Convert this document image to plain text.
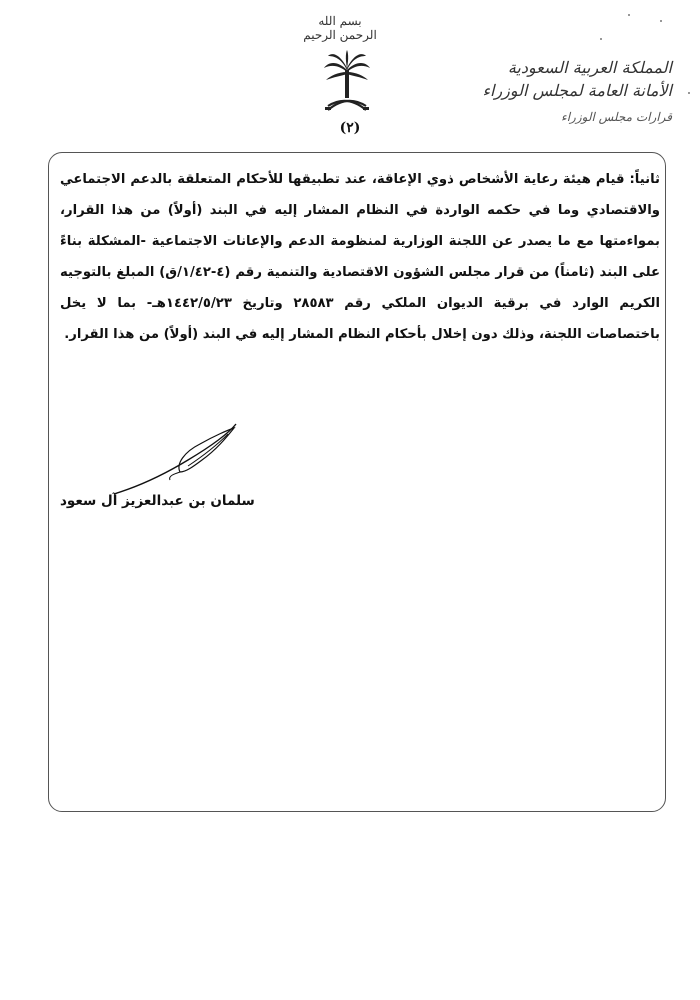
بسم الله الرحمن الرحيم
(٢)
المملكة العربية السعودية
الأمانة العامة لمجلس الوزراء
قرارات مجلس الوزراء
ثانياً: قيام هيئة رعاية الأشخاص ذوي الإعاقة، عند تطبيقها للأحكام المتعلقة بالدعم الاجتماعي والاقتصادي وما في حكمه الواردة في النظام المشار إليه في البند (أولاً) من هذا القرار، بمواءمتها مع ما يصدر عن اللجنة الوزارية لمنظومة الدعم والإعانات الاجتماعية -المشكلة بناءً على البند (ثامناً) من قرار مجلس الشؤون الاقتصادية والتنمية رقم (٤-١/٤٢/ق) المبلغ بالتوجيه الكريم الوارد في برقية الديوان الملكي رقم ٢٨٥٨٣ وتاريخ ١٤٤٢/٥/٢٣هـ- بما لا يخل باختصاصات اللجنة، وذلك دون إخلال بأحكام النظام المشار إليه في البند (أولاً) من هذا القرار.
سلمان بن عبدالعزيز آل سعود
